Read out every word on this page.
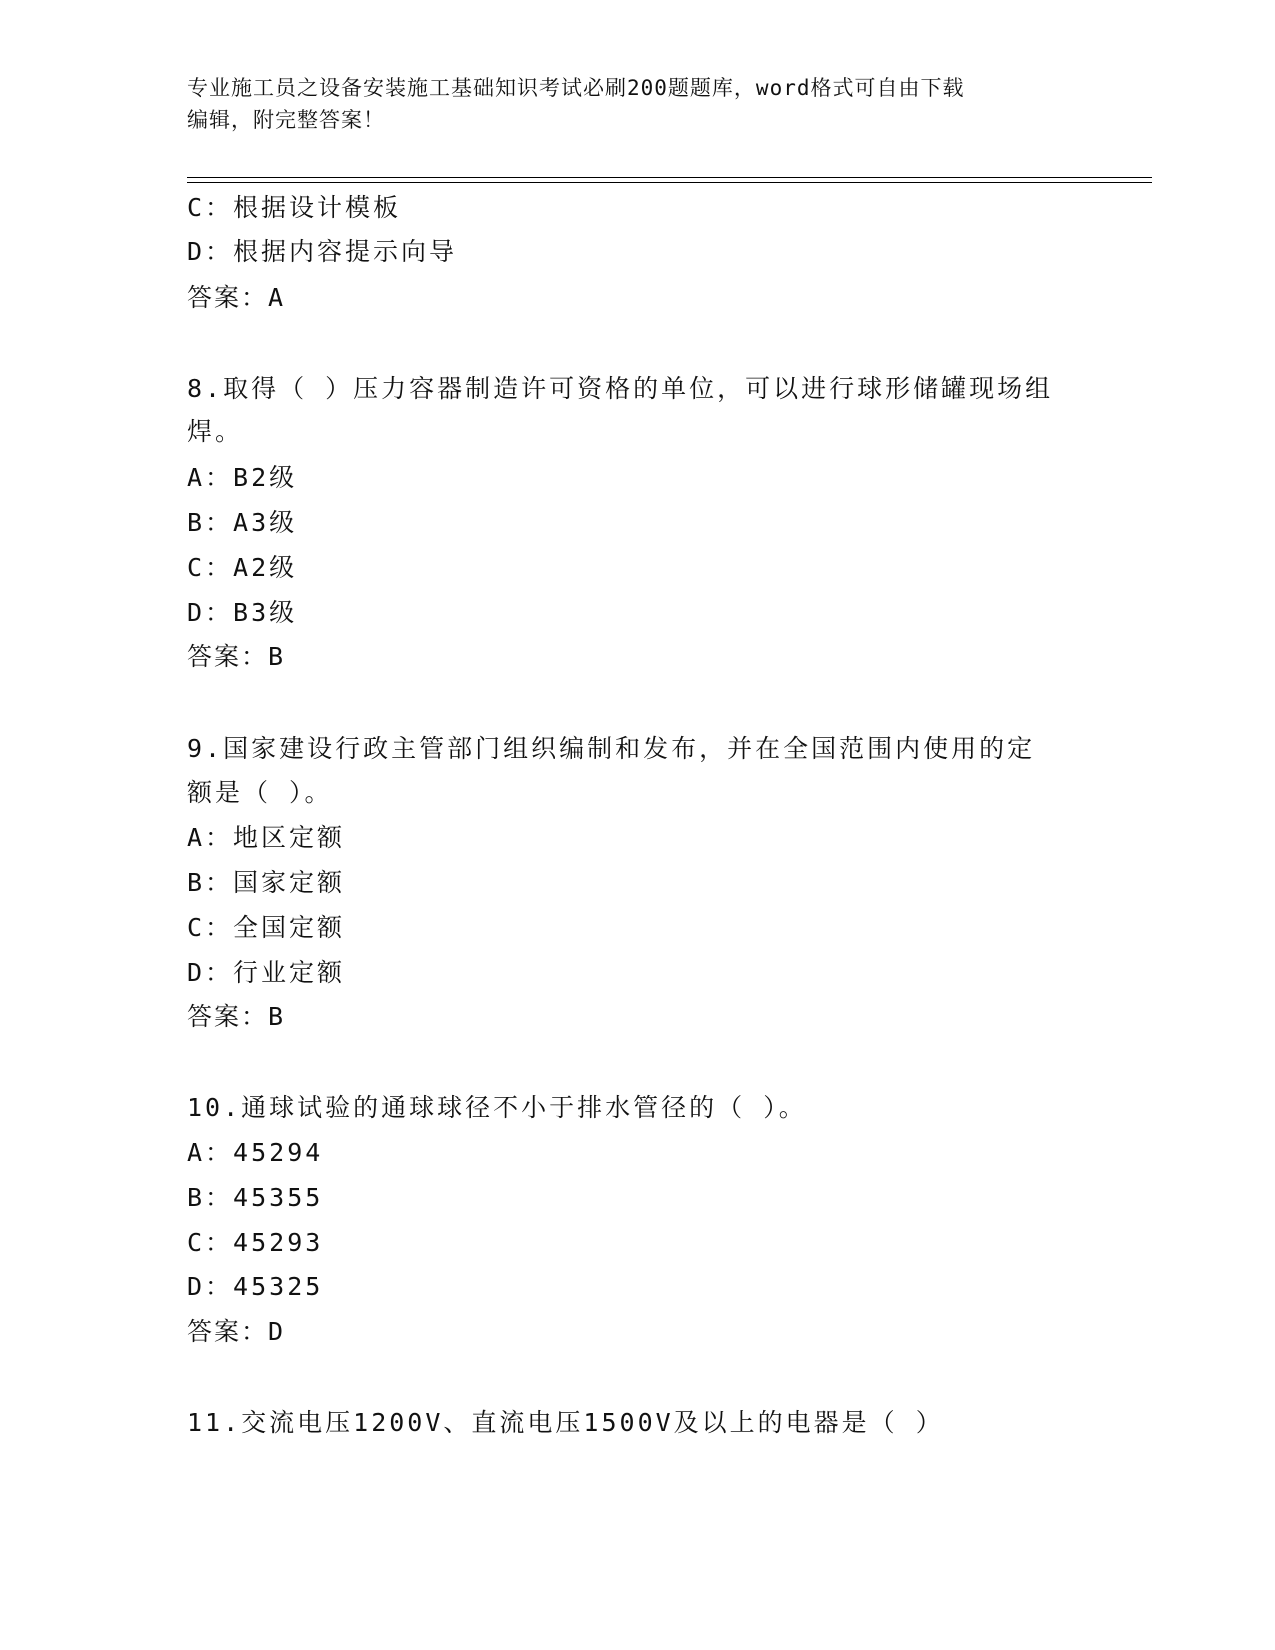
专业施工员之设备安装施工基础知识考试必刷200题题库，word格式可自由下载
编辑，附完整答案！
C：根据设计模板
D：根据内容提示向导
答案：A
8.取得（ ）压力容器制造许可资格的单位，可以进行球形储罐现场组
焊。
A：B2级
B：A3级
C：A2级
D：B3级
答案：B
9.国家建设行政主管部门组织编制和发布，并在全国范围内使用的定
额是（ ）。
A：地区定额
B：国家定额
C：全国定额
D：行业定额
答案：B
10.通球试验的通球球径不小于排水管径的（ ）。
A：45294
B：45355
C：45293
D：45325
答案：D
11.交流电压1200V、直流电压1500V及以上的电器是（ ）
